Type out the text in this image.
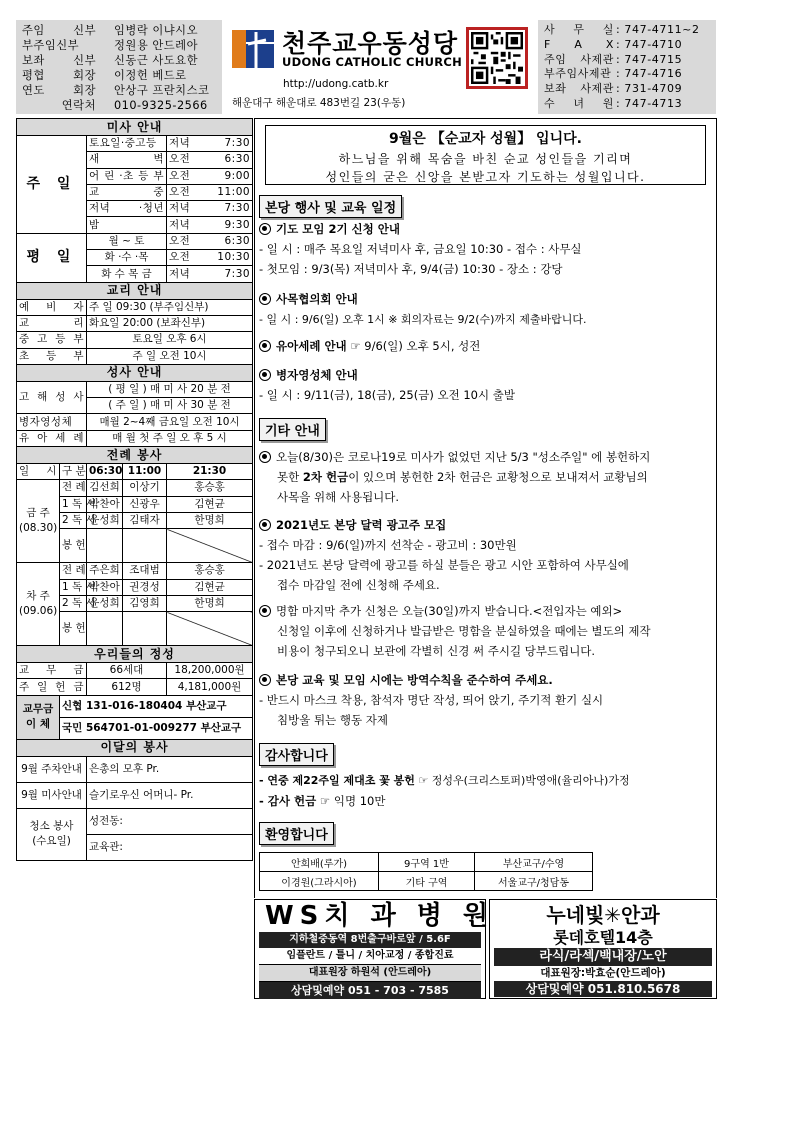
주임 신부 임병락 이냐시오
부주임신부	정원용 안드레아
보좌 신부 신동근 사도요한
평협 회장 이정헌 베드로
연도 회장 안상구 프란치스코
연락처 010-9325-2566
천주교우동성당
UDONG CATHOLIC CHURCH
http://udong.catb.kr
해운대구 해운대로 483번길 23(우동)
사 무 실 : 747-4711~2
F A X : 747-4710
주임 사제관 : 747-4715
부주임사제관 : 747-4716
보좌 사제관 : 731-4709
수 녀 원 : 747-4713
미사 안내				
주 일		토요일·중고등		저녁 7:30
		새 벽		오전 6:30
		어 린 ·초 등 부		오전 9:00
		교 중		오전 11:00
		저녁 ·청년		저녁 7:30
		밤		저녁 9:30
평 일		월 ~ 토		오전 6:30
		화 ·수 ·목		오전 10:30
		화 수 목 금		저녁 7:30
교리 안내				
예 비 자		주 일 09:30 (부주임신부)		
교 리		화요일 20:00 (보좌신부)		
중 고 등 부		토요일 오후 6시		
초 등 부		주 일 오전 10시		
성사 안내				
고 해 성 사		( 평 일 ) 매 미 사 20 분 전		
		( 주 일 ) 매 미 사 30 분 전		
병자영성체		매월 2~4째 금요일 오전 10시		
유 아 세 례		매 월 첫 주 일 오 후 5 시		
전례 봉사				
일 시	구 분	06:30	11:00	21:30

금 주
(08.30)	전 례	김선희	이상기	홍승홍
	1 독 서	박찬아	신광우	김현균
	2 독 서	윤성희	김태자	한명희
	봉 헌			

차 주
(09.06)	전 례	주은희	조대범	홍승홍
	1 독 서	박찬아	권경성	김현균
	2 독 서	윤성희	김영희	한명희
	봉 헌			
우리들의 정성				
교 무 금		66세대		18,200,000원
주 일 헌 금		612명		4,181,000원

교무금
이 체	신협 131-016-180404 부산교구			
	국민 564701-01-009277 부산교구			
이달의 봉사				
9월 주차안내		은총의 모후 Pr.		
9월 미사안내		슬기로우신 어머니- Pr.		

청소 봉사
(수요일)		성전동:		
		교육관:		
9월은 【순교자 성월】 입니다.
하느님을 위해 목숨을 바친 순교 성인들을 기리며
성인들의 굳은 신앙을 본받고자 기도하는 성월입니다.
본당 행사 및 교육 일정
기도 모임 2기 신청 안내
- 일 시 : 매주 목요일 저녁미사 후, 금요일 10:30 - 접수 : 사무실
- 첫모임 : 9/3(목) 저녁미사 후, 9/4(금) 10:30 - 장소 : 강당
사목협의회 안내
- 일 시 : 9/6(일) 오후 1시 ※ 회의자료는 9/2(수)까지 제출바랍니다.
유아세례 안내 ☞ 9/6(일) 오후 5시, 성전
병자영성체 안내
- 일 시 : 9/11(금), 18(금), 25(금) 오전 10시 출발
기타 안내
오늘(8/30)은 코로나19로 미사가 없었던 지난 5/3 "성소주일" 에 봉헌하지
못한 2차 헌금이 있으며 봉헌한 2차 헌금은 교황청으로 보내져서 교황님의
사목을 위해 사용됩니다.
2021년도 본당 달력 광고주 모집
- 접수 마감 : 9/6(일)까지 선착순 - 광고비 : 30만원
- 2021년도 본당 달력에 광고를 하실 분들은 광고 시안 포함하여 사무실에
접수 마감일 전에 신청해 주세요.
명함 마지막 추가 신청은 오늘(30일)까지 받습니다.<전입자는 예외>
신청일 이후에 신청하거나 발급받은 명함을 분실하였을 때에는 별도의 제작
비용이 청구되오니 보관에 각별히 신경 써 주시길 당부드립니다.
본당 교육 및 모임 시에는 방역수칙을 준수하여 주세요.
- 반드시 마스크 착용, 참석자 명단 작성, 띄어 앉기, 주기적 환기 실시
침방울 튀는 행동 자제
감사합니다
- 연중 제22주일 제대초 꽃 봉헌 ☞ 정성우(크리스토퍼)박영애(율리아나)가정
- 감사 헌금 ☞ 익명 10만
환영합니다
안희배(루가)	9구역 1반	부산교구/수영
이경원(그라시아)	기타 구역	서울교구/청담동
WS치 과 병 원
지하철중동역 8번출구바로앞 / 5.6F
임플란트 / 틀니 / 치아교정 / 종합진료
대표원장 하원석 (안드레아)
상담및예약 051 - 703 - 7585
누네빛✳안과
롯데호텔14층
라식/라섹/백내장/노안
대표원장:박효순(안드레아)
상담및예약 051.810.5678
